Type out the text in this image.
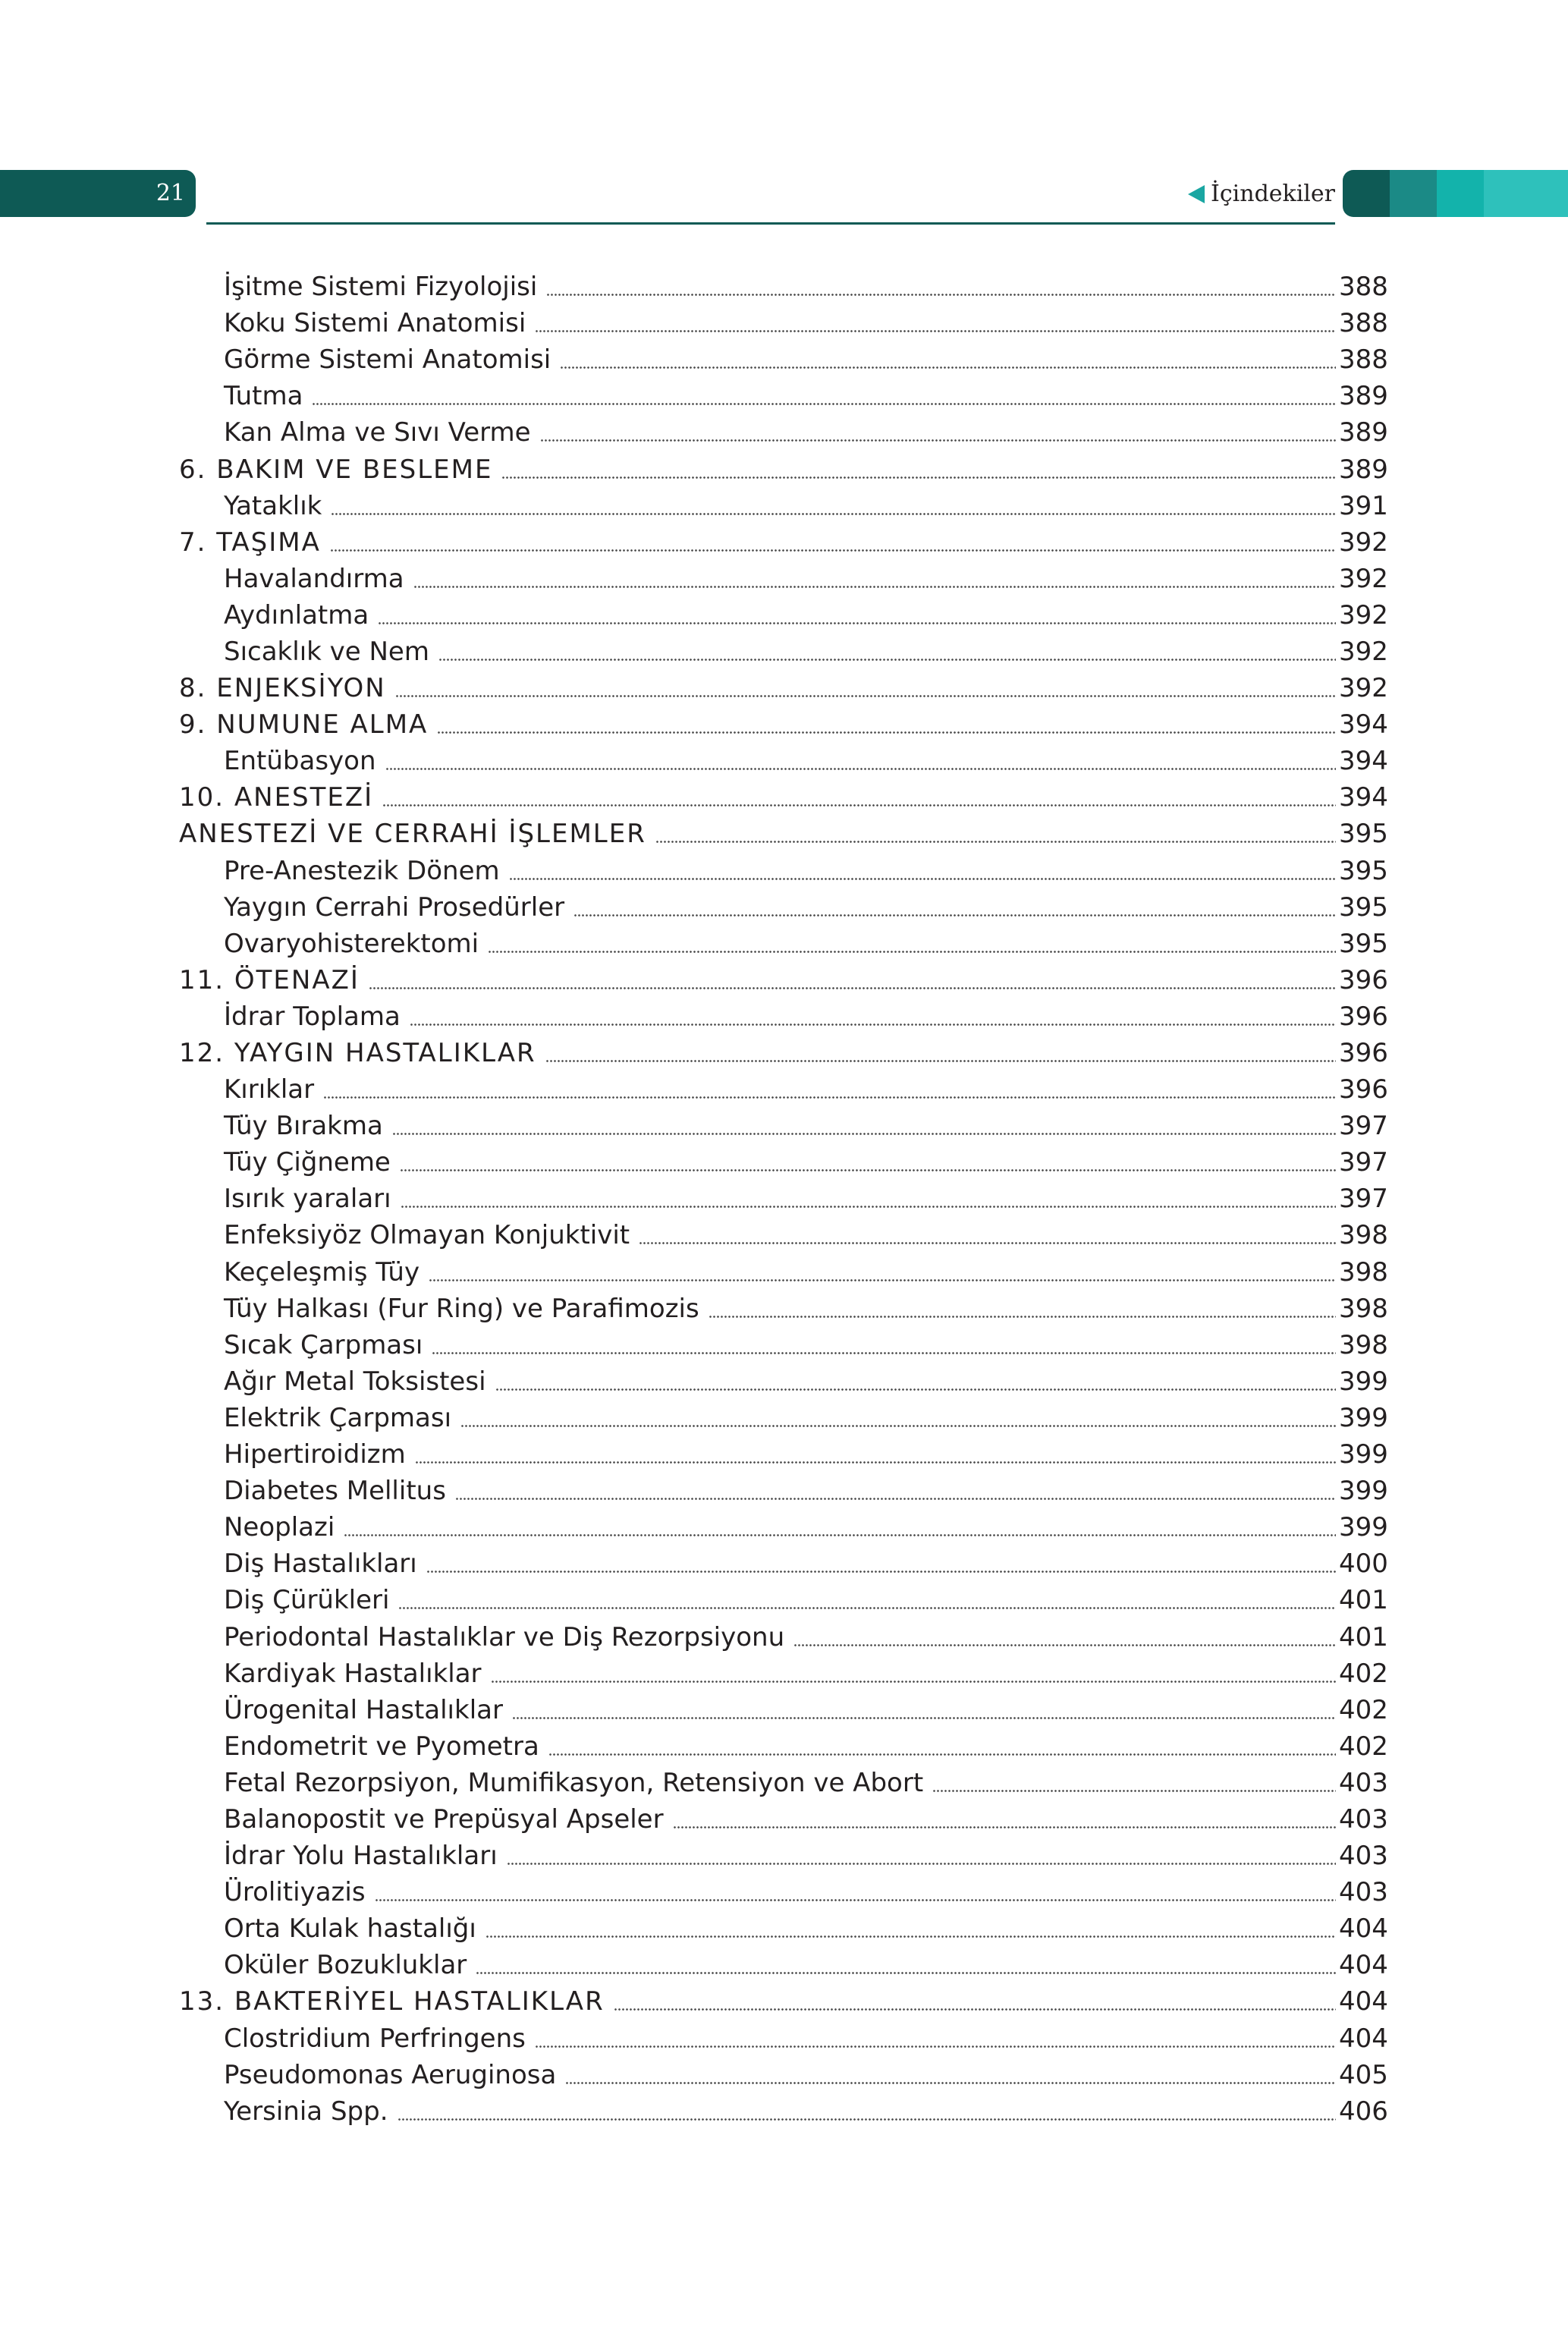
21	İçindekiler
İşitme Sistemi Fizyolojisi	388
Koku Sistemi Anatomisi	388
Görme Sistemi Anatomisi	388
Tutma	389
Kan Alma ve Sıvı Verme	389
6. BAKIM VE BESLEME	389
Yataklık	391
7. TAŞIMA	392
Havalandırma	392
Aydınlatma	392
Sıcaklık ve Nem	392
8. ENJEKSİYON	392
9. NUMUNE ALMA	394
Entübasyon	394
10. ANESTEZİ	394
ANESTEZİ VE CERRAHİ İŞLEMLER	395
Pre-Anestezik Dönem	395
Yaygın Cerrahi Prosedürler	395
Ovaryohisterektomi	395
11. ÖTENAZİ	396
İdrar Toplama	396
12. YAYGIN HASTALIKLAR	396
Kırıklar	396
Tüy Bırakma	397
Tüy Çiğneme	397
Isırık yaraları	397
Enfeksiyöz Olmayan Konjuktivit	398
Keçeleşmiş Tüy	398
Tüy Halkası (Fur Ring) ve Parafimozis	398
Sıcak Çarpması	398
Ağır Metal Toksistesi	399
Elektrik Çarpması	399
Hipertiroidizm	399
Diabetes Mellitus	399
Neoplazi	399
Diş Hastalıkları	400
Diş Çürükleri	401
Periodontal Hastalıklar ve Diş Rezorpsiyonu	401
Kardiyak Hastalıklar	402
Ürogenital Hastalıklar	402
Endometrit ve Pyometra	402
Fetal Rezorpsiyon, Mumifikasyon, Retensiyon ve Abort	403
Balanopostit ve Prepüsyal Apseler	403
İdrar Yolu Hastalıkları	403
Ürolitiyazis	403
Orta Kulak hastalığı	404
Oküler Bozukluklar	404
13. BAKTERİYEL HASTALIKLAR	404
Clostridium Perfringens	404
Pseudomonas Aeruginosa	405
Yersinia Spp.	406
